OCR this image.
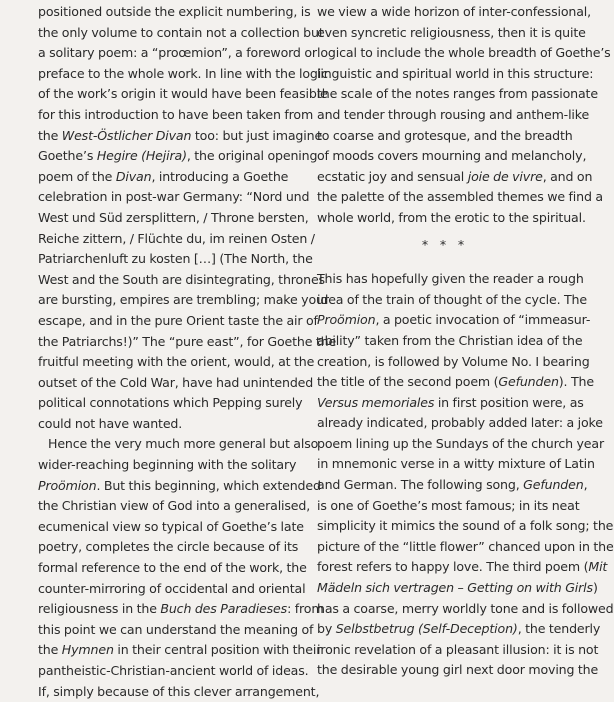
positioned outside the explicit numbering, is
the only volume to contain not a collection but
a solitary poem: a “proœmion”, a foreword or
preface to the whole work. In line with the logic
of the work’s origin it would have been feasible
for this introduction to have been taken from
the West-Östlicher Divan too: but just imagine
Goethe’s Hegire (Hejira), the original opening
poem of the Divan, introducing a Goethe
celebration in post-war Germany: “Nord und
West und Süd zersplittern, / Throne bersten,
Reiche zittern, / Flüchte du, im reinen Osten /
Patriarchenluft zu kosten […] (The North, the
West and the South are disintegrating, thrones
are bursting, empires are trembling; make your
escape, and in the pure Orient taste the air of
the Patriarchs!)” The “pure east”, for Goethe the
fruitful meeting with the orient, would, at the
outset of the Cold War, have had unintended
political connotations which Pepping surely
could not have wanted.
Hence the very much more general but also
wider-reaching beginning with the solitary
Proömion. But this beginning, which extended
the Christian view of God into a generalised,
ecumenical view so typical of Goethe’s late
poetry, completes the circle because of its
formal reference to the end of the work, the
counter-mirroring of occidental and oriental
religiousness in the Buch des Paradieses: from
this point we can understand the meaning of
the Hymnen in their central position with their
pantheistic-Christian-ancient world of ideas.
If, simply because of this clever arrangement,
we view a wide horizon of inter-confessional,
even syncretic religiousness, then it is quite
logical to include the whole breadth of Goethe’s
linguistic and spiritual world in this structure:
the scale of the notes ranges from passionate
and tender through rousing and anthem-like
to coarse and grotesque, and the breadth
of moods covers mourning and melancholy,
ecstatic joy and sensual joie de vivre, and on
the palette of the assembled themes we find a
whole world, from the erotic to the spiritual.
* * *
This has hopefully given the reader a rough
idea of the train of thought of the cycle. The
Proömion, a poetic invocation of “immeasur-
ability” taken from the Christian idea of the
creation, is followed by Volume No. I bearing
the title of the second poem (Gefunden). The
Versus memoriales in first position were, as
already indicated, probably added later: a joke
poem lining up the Sundays of the church year
in mnemonic verse in a witty mixture of Latin
and German. The following song, Gefunden,
is one of Goethe’s most famous; in its neat
simplicity it mimics the sound of a folk song; the
picture of the “little flower” chanced upon in the
forest refers to happy love. The third poem (Mit
Mädeln sich vertragen – Getting on with Girls)
has a coarse, merry worldly tone and is followed
by Selbstbetrug (Self-Deception), the tenderly
ironic revelation of a pleasant illusion: it is not
the desirable young girl next door moving the
